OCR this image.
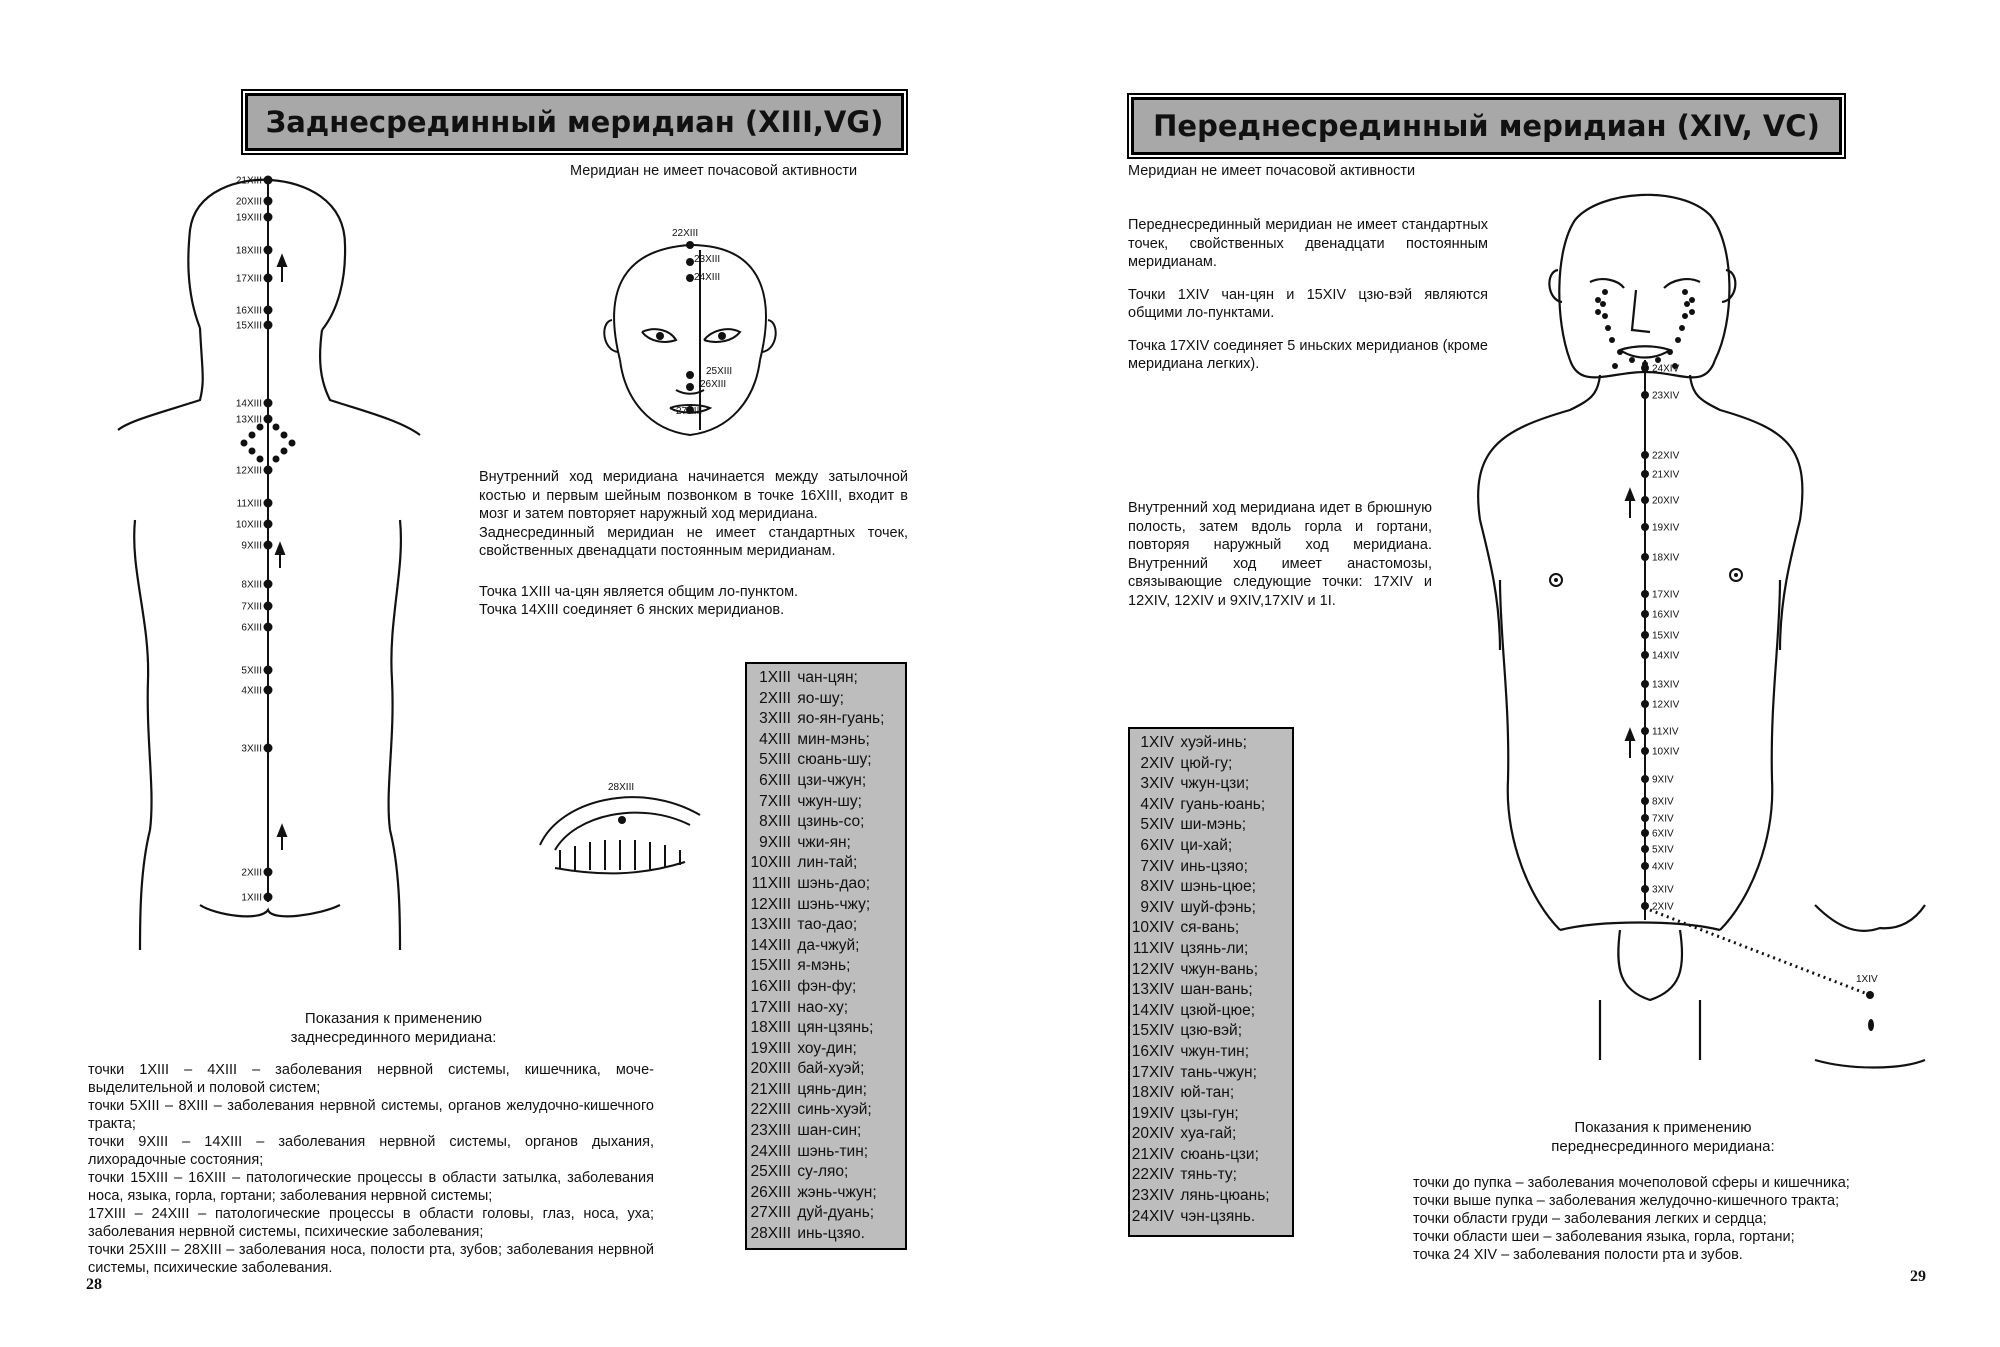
Заднесрединный меридиан (XIII,VG)
Меридиан не имеет почасовой активности
21XIII
20XIII
19XIII
18XIII
17XIII
16XIII
15XIII
14XIII
13XIII
12XIII
11XIII
10XIII
9XIII
8XIII
7XIII
6XIII
5XIII
4XIII
3XIII
2XIII
1XIII
22XIII
23XIII
24XIII
25XIII
26XIII
27XIII
28XIII

Внутренний ход меридиана начинается между затылочной костью и первым шейным позвонком в точке 16XIII, входит в мозг и затем повторяет наружный ход меридиана.
Заднесрединный меридиан не имеет стандартных точек, свойственных двенадцати постоянным меридианам.

Точка 1XIII ча-цян является общим ло-пунктом.
Точка 14XIII соединяет 6 янских меридианов.

1XIII
чан-цян;
2XIII
яо-шу;
3XIII
яо-ян-гуань;
4XIII
мин-мэнь;
5XIII
сюань-шу;
6XIII
цзи-чжун;
7XIII
чжун-шу;
8XIII
цзинь-со;
9XIII
чжи-ян;
10XIII
лин-тай;
11XIII
шэнь-дао;
12XIII
шэнь-чжу;
13XIII
тао-дао;
14XIII
да-чжуй;
15XIII
я-мэнь;
16XIII
фэн-фу;
17XIII
нао-ху;
18XIII
цян-цзянь;
19XIII
хоу-дин;
20XIII
бай-хуэй;
21XIII
цянь-дин;
22XIII
синь-хуэй;
23XIII
шан-син;
24XIII
шэнь-тин;
25XIII
су-ляо;
26XIII
жэнь-чжун;
27XIII
дуй-дуань;
28XIII
инь-цзяо.
Показания к применению
заднесрединного меридиана:
точки 1XIII – 4XIII – заболевания нервной системы, кишечника, моче-выделительной и половой систем;
точки 5XIII – 8XIII – заболевания нервной системы, органов желудочно-кишечного тракта;
точки 9XIII – 14XIII – заболевания нервной системы, органов дыхания, лихорадочные состояния;
точки 15XIII – 16XIII – патологические процессы в области затылка, заболевания носа, языка, горла, гортани; заболевания нервной системы;
17XIII – 24XIII – патологические процессы в области головы, глаз, носа, уха; заболевания нервной системы, психические заболевания;
точки 25XIII – 28XIII – заболевания носа, полости рта, зубов; заболевания нервной системы, психические заболевания.
28
Переднесрединный меридиан (XIV, VC)
Меридиан не имеет почасовой активности

Переднесрединный меридиан не имеет стандартных точек, свойственных двенадцати постоянным меридианам.

Точки 1XIV чан-цян и 15XIV цзю-вэй являются общими ло-пунктами.

Точка 17XIV соединяет 5 иньских меридианов (кроме меридиана легких).

Внутренний ход меридиана идет в брюшную полость, затем вдоль горла и гортани, повторяя наружный ход меридиана. Внутренний ход имеет анастомозы, связывающие следующие точки: 17XIV и 12XIV, 12XIV и 9XIV,17XIV и 1I.
24XIV
23XIV
22XIV
21XIV
20XIV
19XIV
18XIV
17XIV
16XIV
15XIV
14XIV
13XIV
12XIV
11XIV
10XIV
9XIV
8XIV
7XIV
6XIV
5XIV
4XIV
3XIV
2XIV
1XIV
1XIV
хуэй-инь;
2XIV
цюй-гу;
3XIV
чжун-цзи;
4XIV
гуань-юань;
5XIV
ши-мэнь;
6XIV
ци-хай;
7XIV
инь-цзяо;
8XIV
шэнь-цюе;
9XIV
шуй-фэнь;
10XIV
ся-вань;
11XIV
цзянь-ли;
12XIV
чжун-вань;
13XIV
шан-вань;
14XIV
цзюй-цюе;
15XIV
цзю-вэй;
16XIV
чжун-тин;
17XIV
тань-чжун;
18XIV
юй-тан;
19XIV
цзы-гун;
20XIV
хуа-гай;
21XIV
сюань-цзи;
22XIV
тянь-ту;
23XIV
лянь-цюань;
24XIV
чэн-цзянь.
Показания к применению
переднесрединного меридиана:
точки до пупка – заболевания мочеполовой сферы и кишечника;
точки выше пупка – заболевания желудочно-кишечного тракта;
точки области груди – заболевания легких и сердца;
точки области шеи – заболевания языка, горла, гортани;
точка 24 XIV – заболевания полости рта и зубов.
29
